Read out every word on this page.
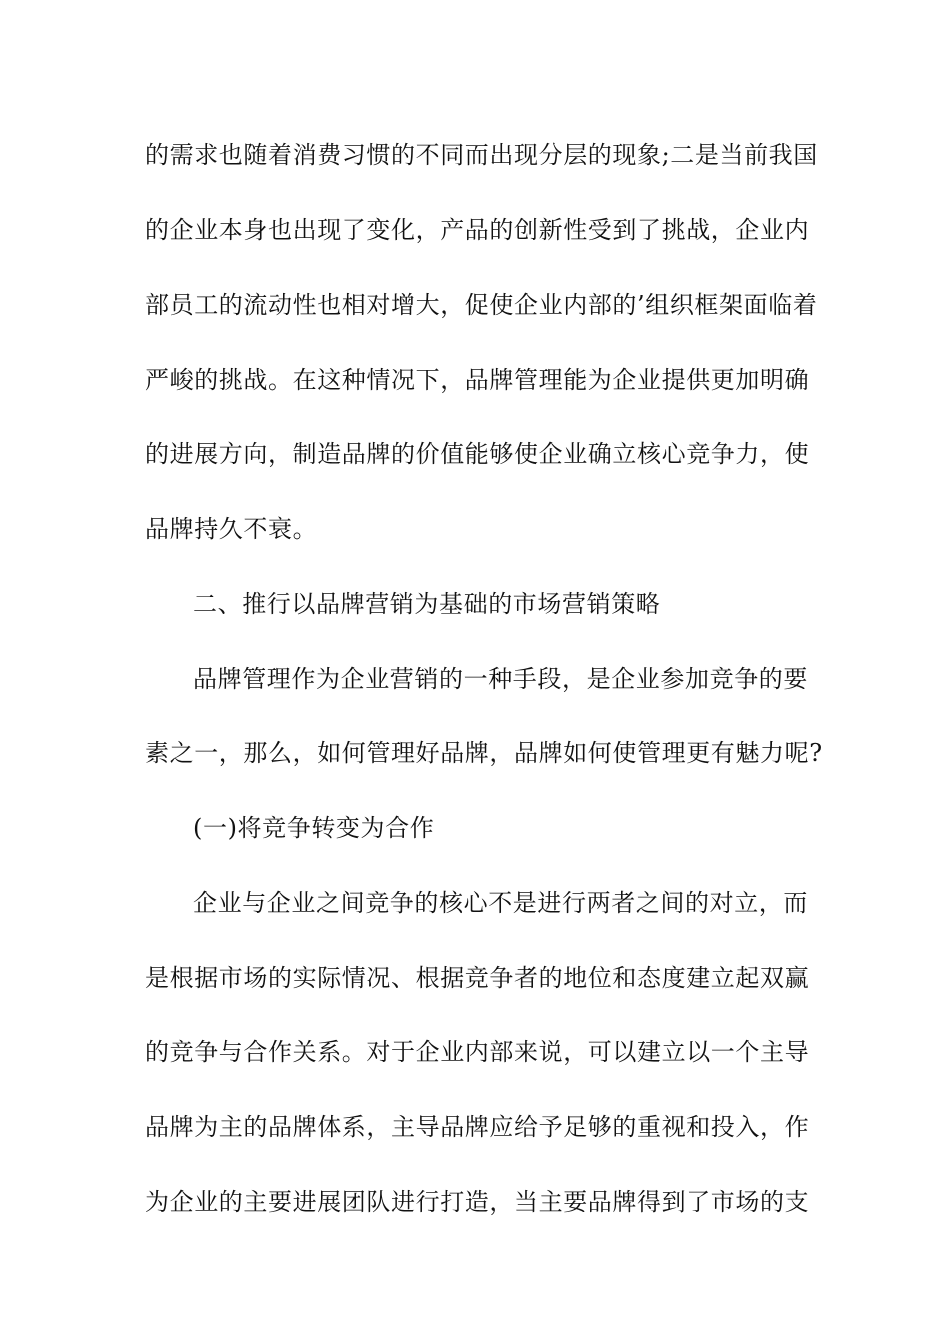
的需求也随着消费习惯的不同而出现分层的现象;二是当前我国
的企业本身也出现了变化，产品的创新性受到了挑战，企业内
部员工的流动性也相对增大，促使企业内部的’组织框架面临着
严峻的挑战。在这种情况下，品牌管理能为企业提供更加明确
的进展方向，制造品牌的价值能够使企业确立核心竞争力，使
品牌持久不衰。
二、推行以品牌营销为基础的市场营销策略
品牌管理作为企业营销的一种手段，是企业参加竞争的要
素之一，那么，如何管理好品牌，品牌如何使管理更有魅力呢?
(一)将竞争转变为合作
企业与企业之间竞争的核心不是进行两者之间的对立，而
是根据市场的实际情况、根据竞争者的地位和态度建立起双赢
的竞争与合作关系。对于企业内部来说，可以建立以一个主导
品牌为主的品牌体系，主导品牌应给予足够的重视和投入，作
为企业的主要进展团队进行打造，当主要品牌得到了市场的支
